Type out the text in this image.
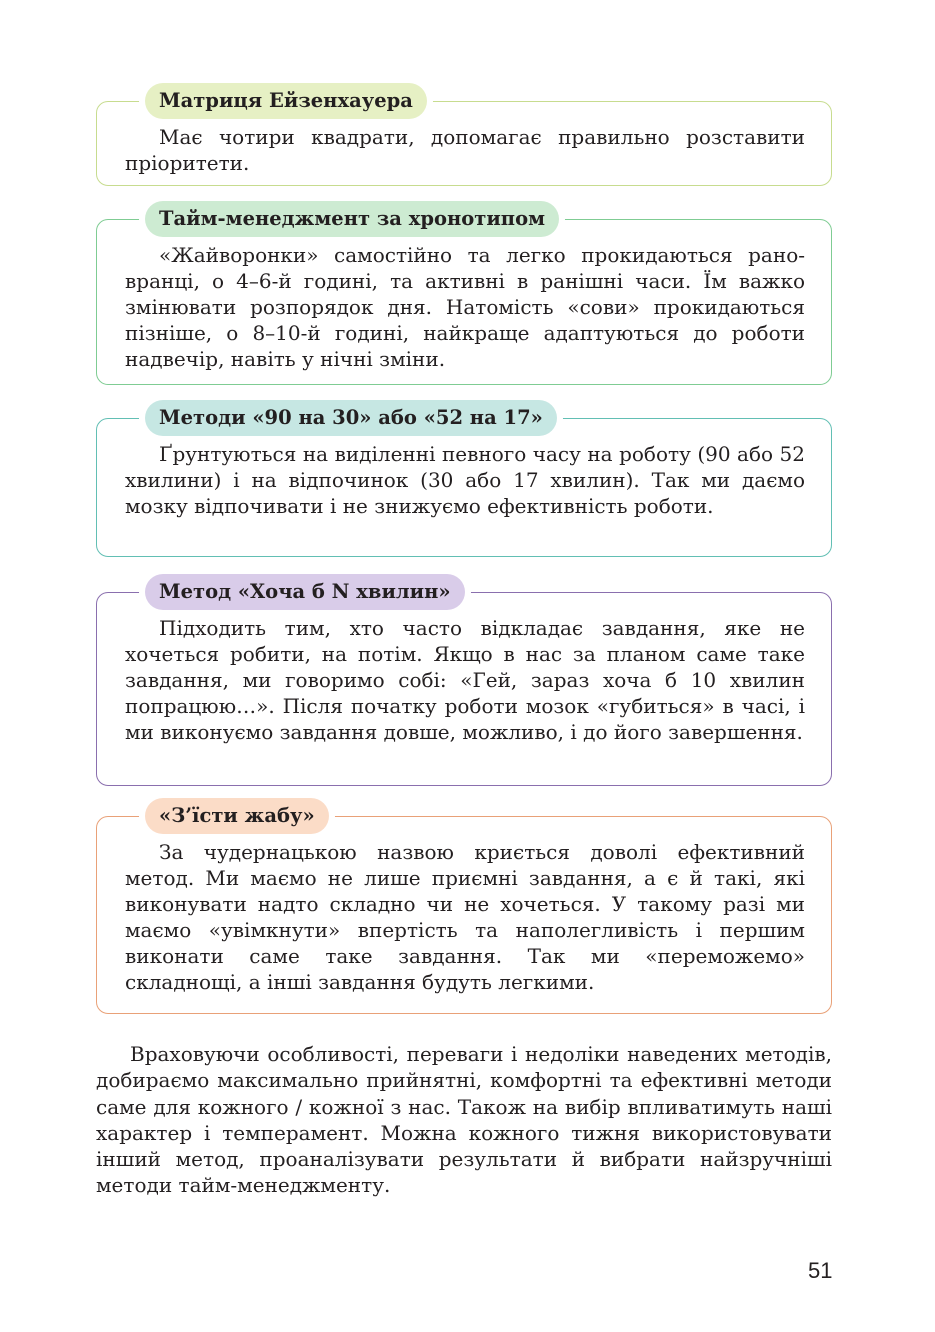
Матриця Ейзенхауера

Має чотири квадрати, допомагає правильно розставити пріоритети.

Тайм-менеджмент за хронотипом

«Жайворонки» самостійно та легко прокидаються рано-вранці, о 4–6-й годині, та активні в ранішні часи. Їм важко змінювати розпорядок дня. Натомість «сови» прокидаються пізніше, о 8–10-й годині, найкраще адаптуються до роботи надвечір, навіть у нічні зміни.

Методи «90 на 30» або «52 на 17»

Ґрунтуються на виділенні певного часу на роботу (90 або 52 хвилини) і на відпочинок (30 або 17 хвилин). Так ми даємо мозку відпочивати і не знижуємо ефективність роботи.

Метод «Хоча б N хвилин»

Підходить тим, хто часто відкладає завдання, яке не хочеться робити, на потім. Якщо в нас за планом саме таке завдання, ми говоримо собі: «Гей, зараз хоча б 10 хвилин попрацюю…». Після початку роботи мозок «губиться» в часі, і ми виконуємо завдання довше, можливо, і до його завершення.

«З’їсти жабу»

За чудернацькою назвою криється доволі ефективний метод. Ми маємо не лише приємні завдання, а є й такі, які виконувати надто складно чи не хочеться. У такому разі ми маємо «увімкнути» впертість та наполегливість і першим виконати саме таке завдання. Так ми «переможемо» складнощі, а інші завдання будуть легкими.

Враховуючи особливості, переваги і недоліки наведених методів, добираємо максимально прийнятні, комфортні та ефективні методи саме для кожного / кожної з нас. Також на вибір впливатимуть наші характер і темперамент. Можна кожного тижня використовувати інший метод, проаналізувати результати й вибрати найзручніші методи тайм-менеджменту.

51
